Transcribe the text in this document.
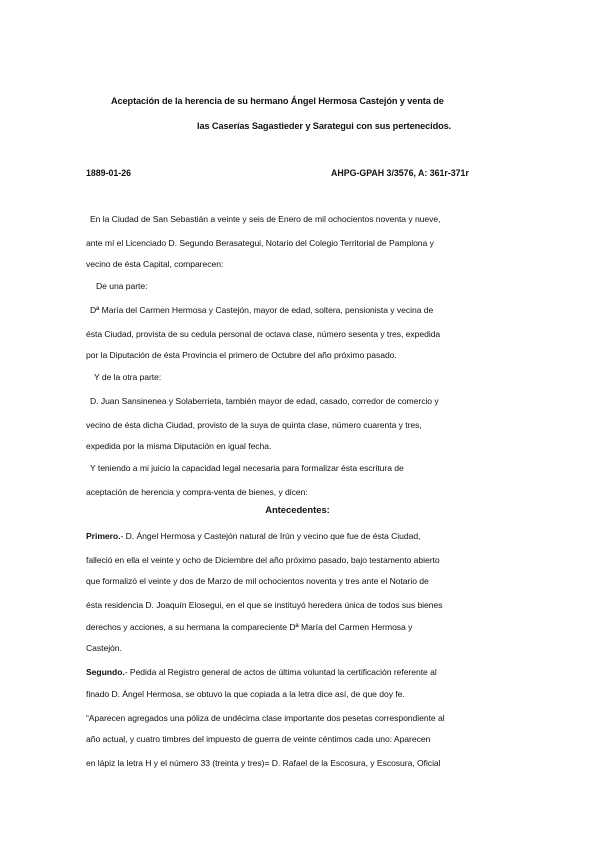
Aceptación de la herencia de su hermano Ángel Hermosa Castejón y venta de
las Caserías Sagastieder y Sarategui con sus pertenecidos.
1889-01-26	AHPG-GPAH 3/3576, A: 361r-371r
En la Ciudad de San Sebastián a veinte y seis de Enero de mil ochocientos noventa y nueve,
ante mí el Licenciado D. Segundo Berasategui, Notario del Colegio Territorial de Pamplona y
vecino de ésta Capital, comparecen:
De una parte:
Dª María del Carmen Hermosa y Castejón, mayor de edad, soltera, pensionista y vecina de
ésta Ciudad, provista de su cedula personal de octava clase, número sesenta y tres, expedida
por la Diputación de ésta Provincia el primero de Octubre del año próximo pasado.
Y de la otra parte:
D. Juan Sansinenea y Solaberrieta, también mayor de edad, casado, corredor de comercio y
vecino de ésta dicha Ciudad, provisto de la suya de quinta clase, número cuarenta y tres,
expedida por la misma Diputación en igual fecha.
Y teniendo a mi juicio la capacidad legal necesaria para formalizar ésta escritura de
aceptación de herencia y compra-venta de bienes, y dicen:
Antecedentes:
Primero.- D. Ángel Hermosa y Castejón natural de Irún y vecino que fue de ésta Ciudad,
falleció en ella el veinte y ocho de Diciembre del año próximo pasado, bajo testamento abierto
que formalizó el veinte y dos de Marzo de mil ochocientos noventa y tres ante el Notario de
ésta residencia D. Joaquín Elosegui, en el que se instituyó heredera única de todos sus bienes
derechos y acciones, a su hermana la compareciente Dª María del Carmen Hermosa y
Castejón.
Segundo.- Pedida al Registro general de actos de última voluntad la certificación referente al
finado D. Ángel Hermosa, se obtuvo la que copiada a la letra dice así, de que doy fe.
“Aparecen agregados una póliza de undécima clase importante dos pesetas correspondiente al
año actual, y cuatro timbres del impuesto de guerra de veinte céntimos cada uno: Aparecen
en lápiz la letra H y el número 33 (treinta y tres)= D. Rafael de la Escosura, y Escosura, Oficial
